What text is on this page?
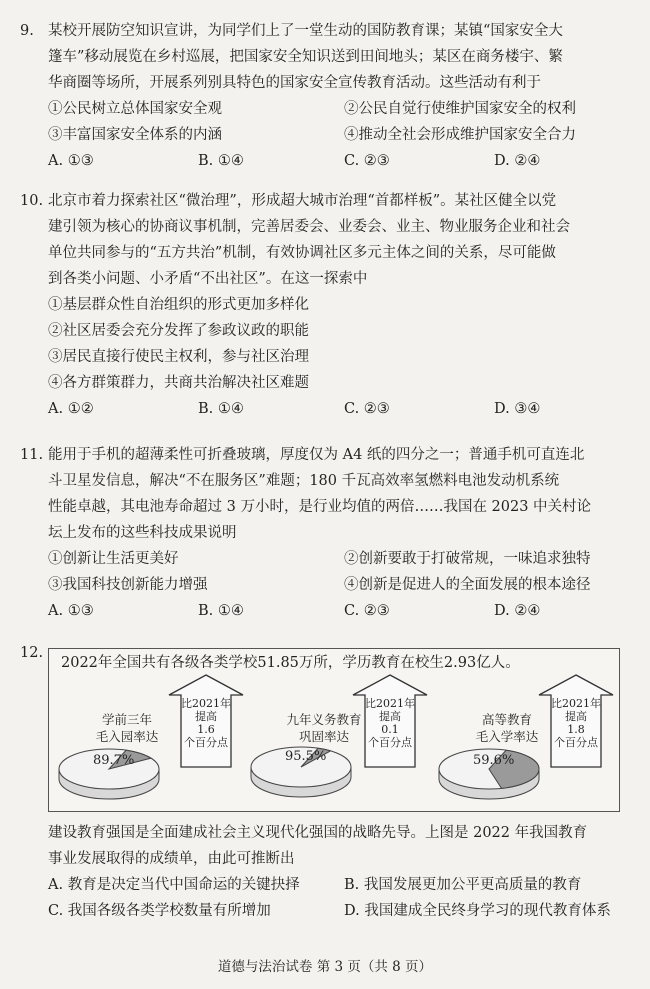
9. 某校开展防空知识宣讲，为同学们上了一堂生动的国防教育课；某镇“国家安全大
篷车”移动展览在乡村巡展，把国家安全知识送到田间地头；某区在商务楼宇、繁
华商圈等场所，开展系列别具特色的国家安全宣传教育活动。这些活动有利于
①公民树立总体国家安全观	②公民自觉行使维护国家安全的权利
③丰富国家安全体系的内涵	④推动全社会形成维护国家安全合力
A. ①③	B. ①④	C. ②③	D. ②④
10. 北京市着力探索社区“微治理”，形成超大城市治理“首都样板”。某社区健全以党
建引领为核心的协商议事机制，完善居委会、业委会、业主、物业服务企业和社会
单位共同参与的“五方共治”机制，有效协调社区多元主体之间的关系，尽可能做
到各类小问题、小矛盾“不出社区”。在这一探索中
①基层群众性自治组织的形式更加多样化
②社区居委会充分发挥了参政议政的职能
③居民直接行使民主权利，参与社区治理
④各方群策群力，共商共治解决社区难题
A. ①②	B. ①④	C. ②③	D. ③④
11. 能用于手机的超薄柔性可折叠玻璃，厚度仅为 A4 纸的四分之一；普通手机可直连北
斗卫星发信息，解决“不在服务区”难题；180 千瓦高效率氢燃料电池发动机系统
性能卓越，其电池寿命超过 3 万小时，是行业均值的两倍……我国在 2023 中关村论
坛上发布的这些科技成果说明
①创新让生活更美好	②创新要敢于打破常规，一味追求独特
③我国科技创新能力增强	④创新是促进人的全面发展的根本途径
A. ①③	B. ①④	C. ②③	D. ②④
12.
2022年全国共有各级各类学校51.85万所，学历教育在校生2.93亿人。
学前三年
毛入园率达
九年义务教育
巩固率达
高等教育
毛入学率达
89.7%	95.5%	59.6%
比2021年
提高
1.6
个百分点
比2021年
提高
0.1
个百分点
比2021年
提高
1.8
个百分点
建设教育强国是全面建成社会主义现代化强国的战略先导。上图是 2022 年我国教育
事业发展取得的成绩单，由此可推断出
A. 教育是决定当代中国命运的关键抉择	B. 我国发展更加公平更高质量的教育
C. 我国各级各类学校数量有所增加	D. 我国建成全民终身学习的现代教育体系
道德与法治试卷 第 3 页（共 8 页）
